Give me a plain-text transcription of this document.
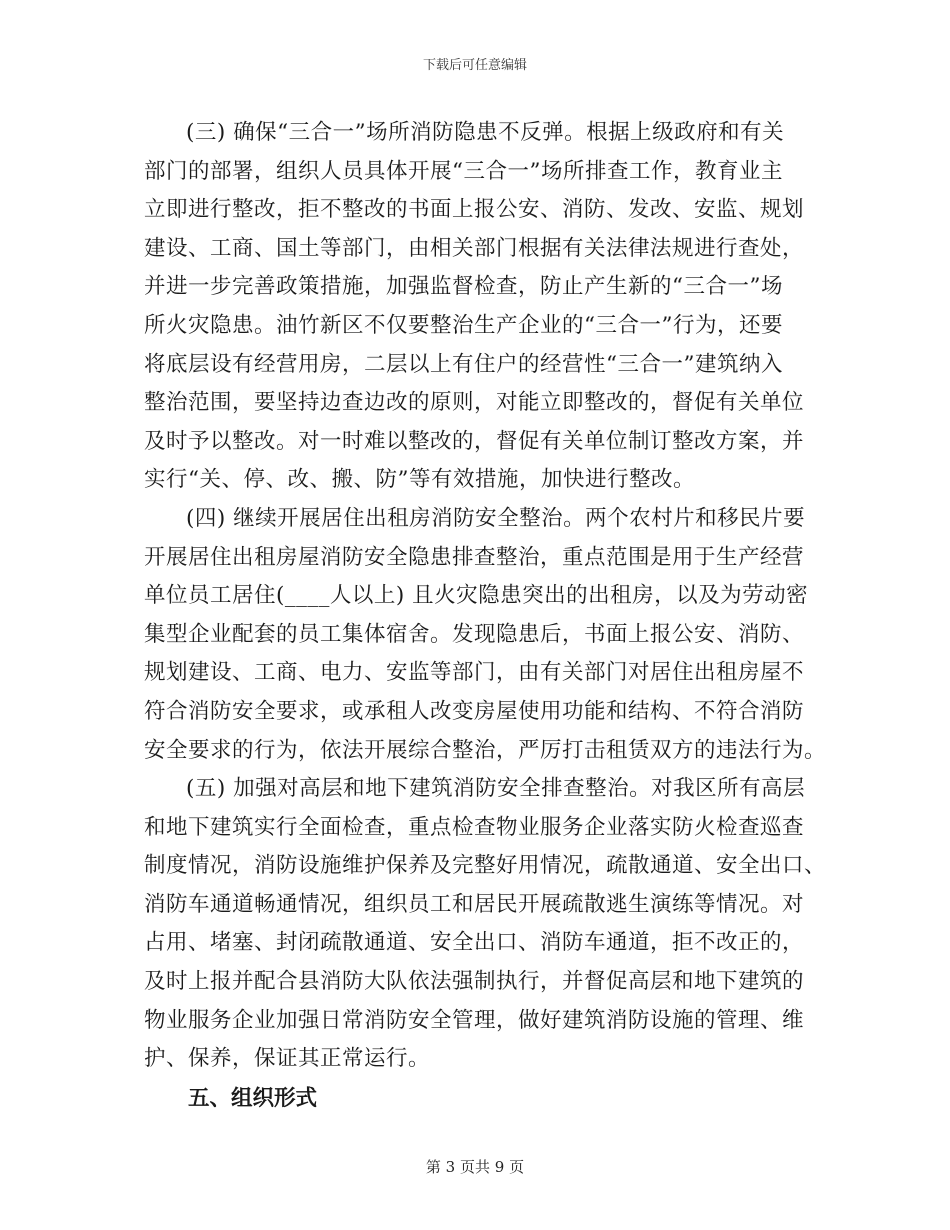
下载后可任意编辑
(三) 确保“三合一”场所消防隐患不反弹。根据上级政府和有关
部门的部署，组织人员具体开展“三合一”场所排查工作，教育业主
立即进行整改，拒不整改的书面上报公安、消防、发改、安监、规划
建设、工商、国土等部门，由相关部门根据有关法律法规进行查处，
并进一步完善政策措施，加强监督检查，防止产生新的“三合一”场
所火灾隐患。油竹新区不仅要整治生产企业的“三合一”行为，还要
将底层设有经营用房，二层以上有住户的经营性“三合一”建筑纳入
整治范围，要坚持边查边改的原则，对能立即整改的，督促有关单位
及时予以整改。对一时难以整改的，督促有关单位制订整改方案，并
实行“关、停、改、搬、防”等有效措施，加快进行整改。
(四) 继续开展居住出租房消防安全整治。两个农村片和移民片要
开展居住出租房屋消防安全隐患排查整治，重点范围是用于生产经营
单位员工居住(____人以上) 且火灾隐患突出的出租房，以及为劳动密
集型企业配套的员工集体宿舍。发现隐患后，书面上报公安、消防、
规划建设、工商、电力、安监等部门，由有关部门对居住出租房屋不
符合消防安全要求，或承租人改变房屋使用功能和结构、不符合消防
安全要求的行为，依法开展综合整治，严厉打击租赁双方的违法行为。
(五) 加强对高层和地下建筑消防安全排查整治。对我区所有高层
和地下建筑实行全面检查，重点检查物业服务企业落实防火检查巡查
制度情况，消防设施维护保养及完整好用情况，疏散通道、安全出口、
消防车通道畅通情况，组织员工和居民开展疏散逃生演练等情况。对
占用、堵塞、封闭疏散通道、安全出口、消防车通道，拒不改正的，
及时上报并配合县消防大队依法强制执行，并督促高层和地下建筑的
物业服务企业加强日常消防安全管理，做好建筑消防设施的管理、维
护、保养，保证其正常运行。
五、组织形式
第 3 页共 9 页
